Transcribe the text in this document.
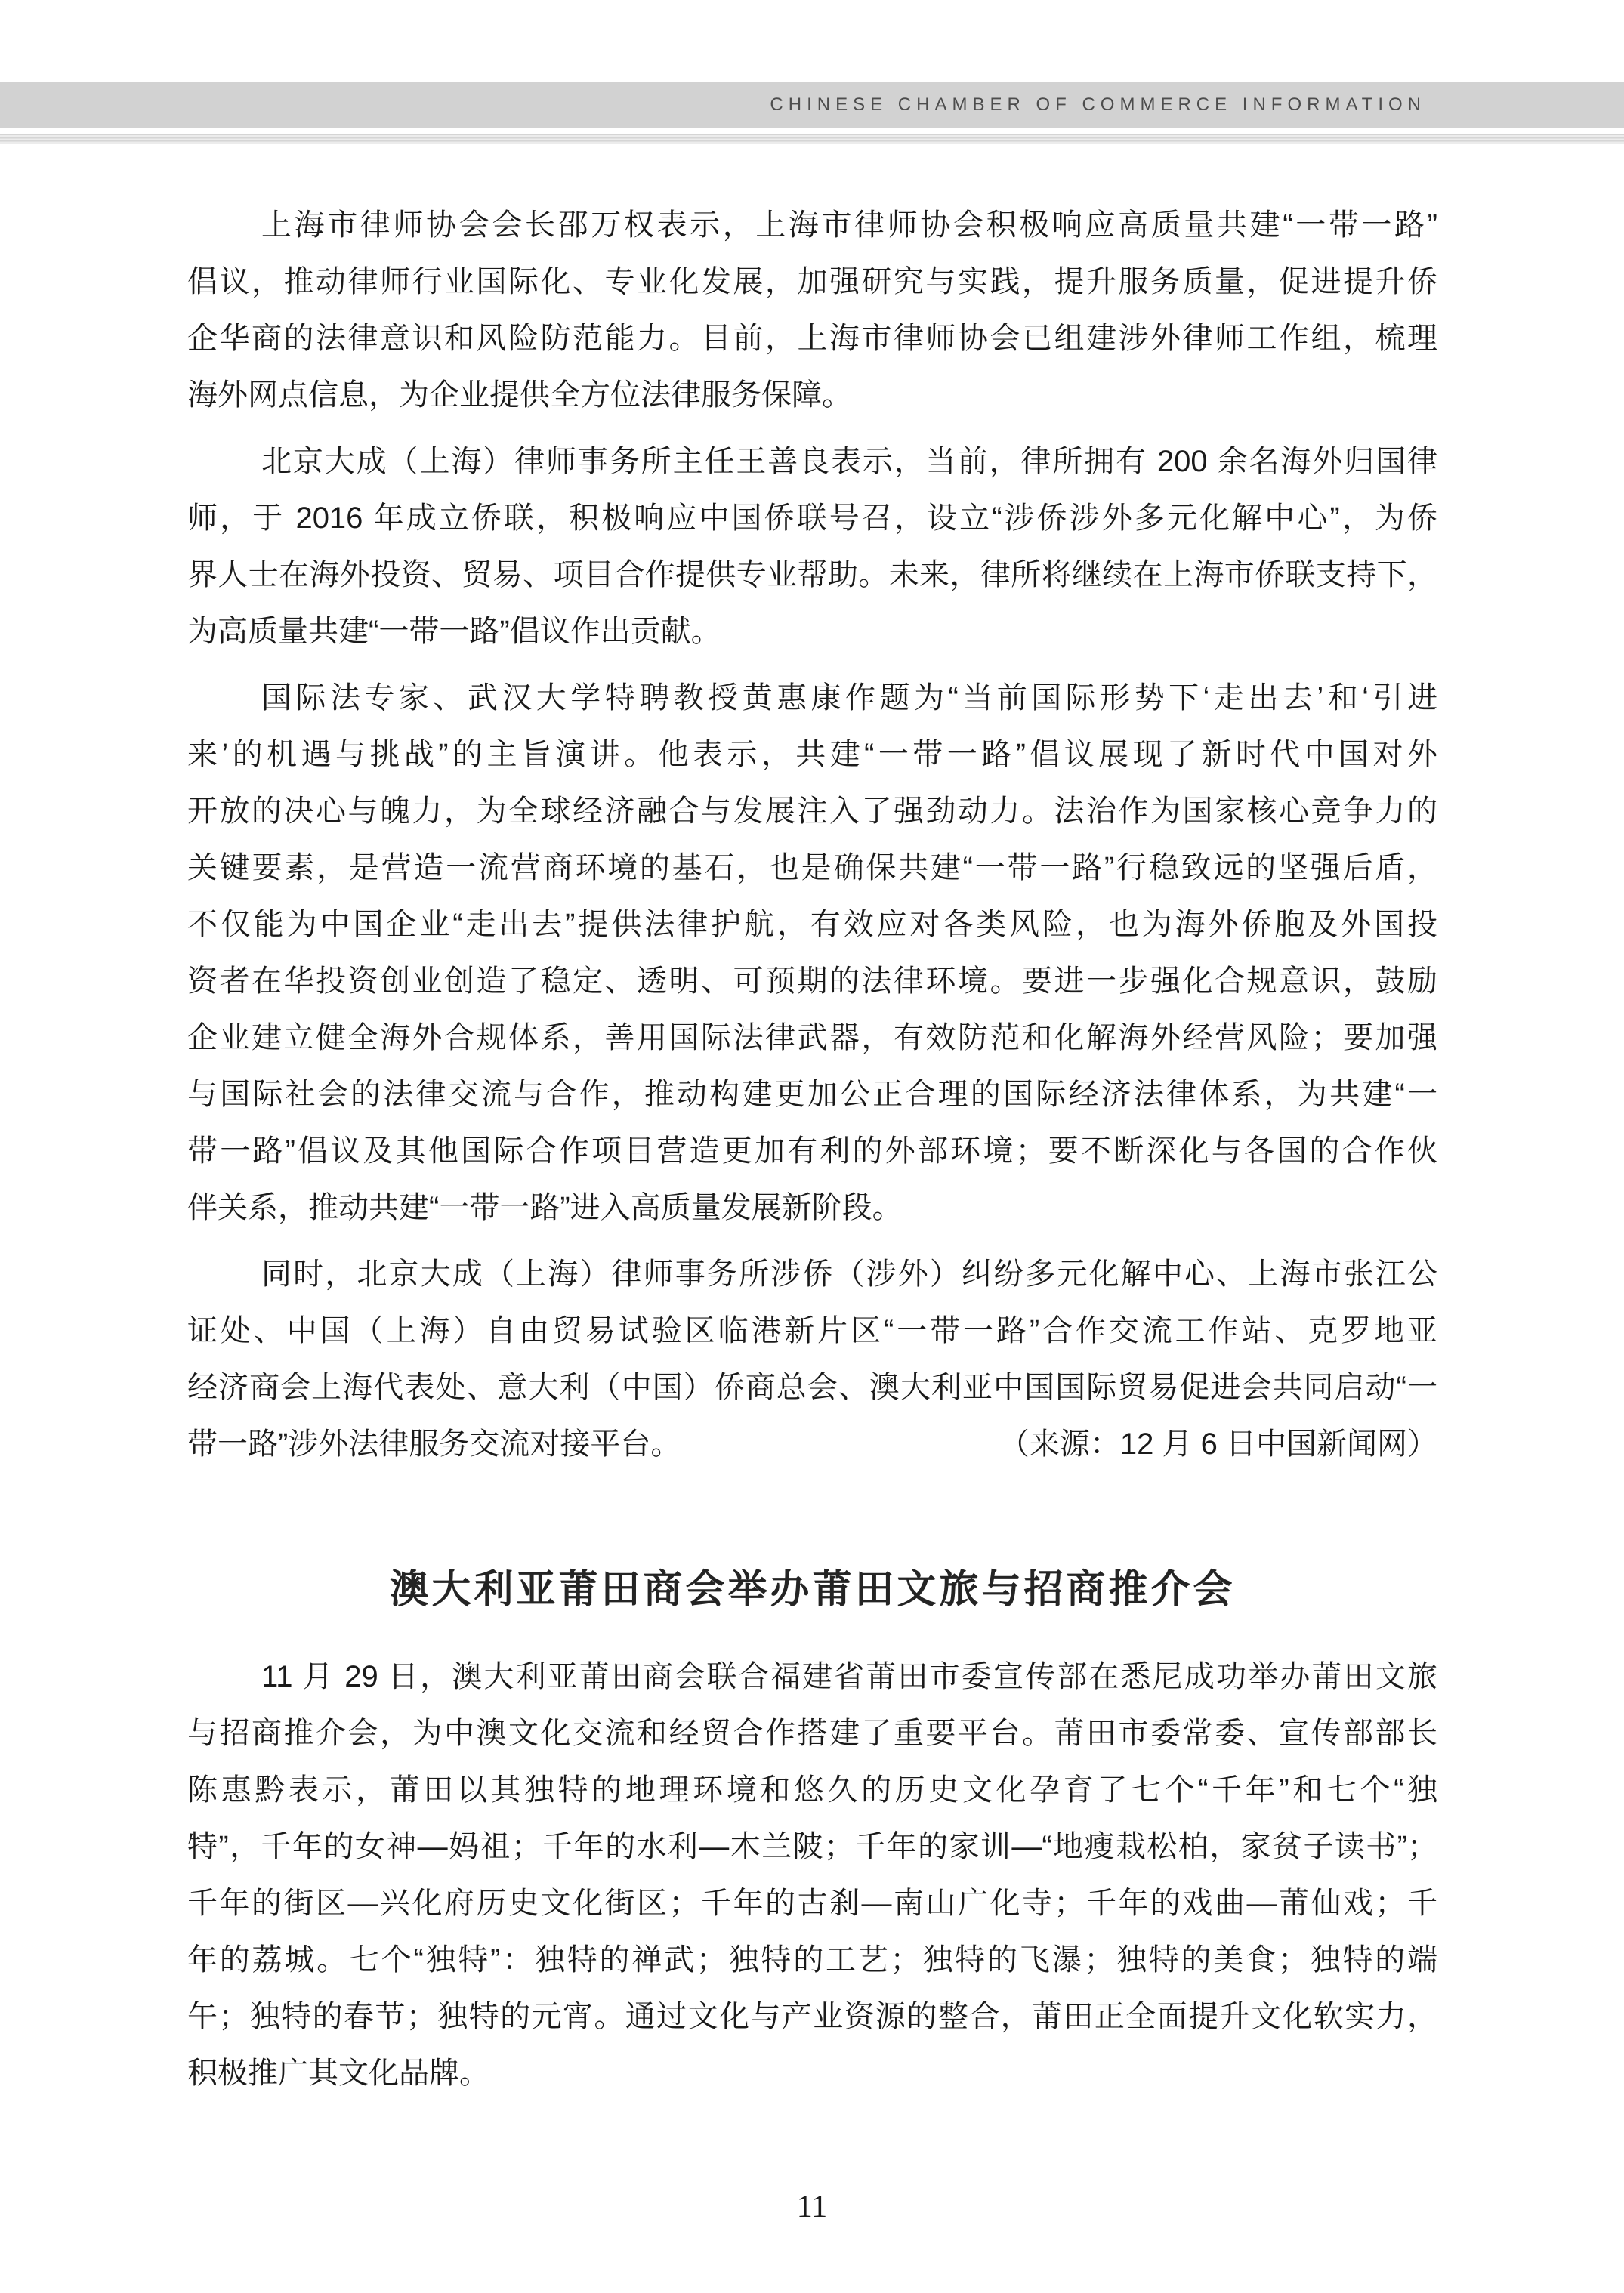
CHINESE CHAMBER OF COMMERCE INFORMATION
上海市律师协会会长邵万权表示，上海市律师协会积极响应高质量共建“一带一路”
倡议，推动律师行业国际化、专业化发展，加强研究与实践，提升服务质量，促进提升侨
企华商的法律意识和风险防范能力。目前，上海市律师协会已组建涉外律师工作组，梳理
海外网点信息，为企业提供全方位法律服务保障。
北京大成（上海）律师事务所主任王善良表示，当前，律所拥有 200 余名海外归国律
师，于 2016 年成立侨联，积极响应中国侨联号召，设立“涉侨涉外多元化解中心”，为侨
界人士在海外投资、贸易、项目合作提供专业帮助。未来，律所将继续在上海市侨联支持下，
为高质量共建“一带一路”倡议作出贡献。
国际法专家、武汉大学特聘教授黄惠康作题为“当前国际形势下‘走出去’和‘引进
来’的机遇与挑战”的主旨演讲。他表示，共建“一带一路”倡议展现了新时代中国对外
开放的决心与魄力，为全球经济融合与发展注入了强劲动力。法治作为国家核心竞争力的
关键要素，是营造一流营商环境的基石，也是确保共建“一带一路”行稳致远的坚强后盾，
不仅能为中国企业“走出去”提供法律护航，有效应对各类风险，也为海外侨胞及外国投
资者在华投资创业创造了稳定、透明、可预期的法律环境。要进一步强化合规意识，鼓励
企业建立健全海外合规体系，善用国际法律武器，有效防范和化解海外经营风险；要加强
与国际社会的法律交流与合作，推动构建更加公正合理的国际经济法律体系，为共建“一
带一路”倡议及其他国际合作项目营造更加有利的外部环境；要不断深化与各国的合作伙
伴关系，推动共建“一带一路”进入高质量发展新阶段。
同时，北京大成（上海）律师事务所涉侨（涉外）纠纷多元化解中心、上海市张江公
证处、中国（上海）自由贸易试验区临港新片区“一带一路”合作交流工作站、克罗地亚
经济商会上海代表处、意大利（中国）侨商总会、澳大利亚中国国际贸易促进会共同启动“一
带一路”涉外法律服务交流对接平台。	（来源：12 月 6 日中国新闻网）
澳大利亚莆田商会举办莆田文旅与招商推介会
11 月 29 日，澳大利亚莆田商会联合福建省莆田市委宣传部在悉尼成功举办莆田文旅
与招商推介会，为中澳文化交流和经贸合作搭建了重要平台。莆田市委常委、宣传部部长
陈惠黔表示，莆田以其独特的地理环境和悠久的历史文化孕育了七个“千年”和七个“独
特”，千年的女神—妈祖；千年的水利—木兰陂；千年的家训—“地瘦栽松柏，家贫子读书”；
千年的街区—兴化府历史文化街区；千年的古刹—南山广化寺；千年的戏曲—莆仙戏；千
年的荔城。七个“独特”：独特的禅武；独特的工艺；独特的飞瀑；独特的美食；独特的端
午；独特的春节；独特的元宵。通过文化与产业资源的整合，莆田正全面提升文化软实力，
积极推广其文化品牌。
11
